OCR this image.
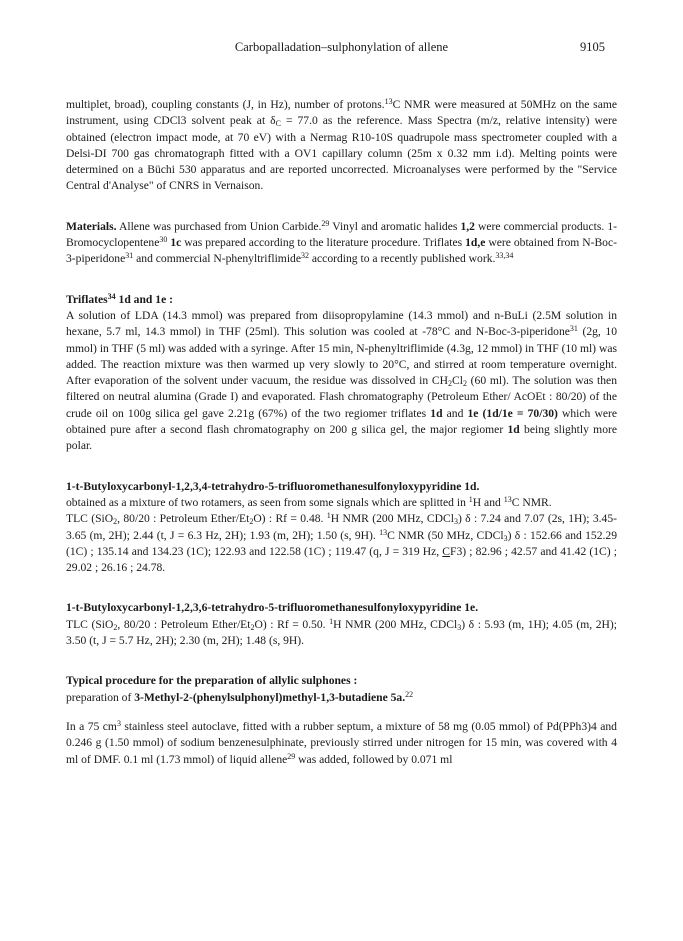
Carbopalladation–sulphonylation of allene	9105

multiplet, broad), coupling constants (J, in Hz), number of protons.$^{13}$C NMR were measured at 50MHz on the same instrument, using CDCl3 solvent peak at $\delta_C = 77.0$ as the reference. Mass Spectra (m/z, relative intensity) were obtained (electron impact mode, at 70 eV) with a Nermag R10-10S quadrupole mass spectrometer coupled with a Delsi-DI 700 gas chromatograph fitted with a OV1 capillary column (25m x 0.32 mm i.d). Melting points were determined on a Büchi 530 apparatus and are reported uncorrected. Microanalyses were performed by the "Service Central d'Analyse" of CNRS in Vernaison.

Materials. Allene was purchased from Union Carbide.$^{29}$ Vinyl and aromatic halides 1,2 were commercial products. 1-Bromocyclopentene$^{30}$ 1c was prepared according to the literature procedure. Triflates 1d,e were obtained from N-Boc-3-piperidone$^{31}$ and commercial N-phenyltriflimide$^{32}$ according to a recently published work.$^{33,34}$

Triflates$^{34}$ 1d and 1e :

A solution of LDA (14.3 mmol) was prepared from diisopropylamine (14.3 mmol) and n-BuLi (2.5M solution in hexane, 5.7 ml, 14.3 mmol) in THF (25ml). This solution was cooled at -78°C and N-Boc-3-piperidone$^{31}$ (2g, 10 mmol) in THF (5 ml) was added with a syringe. After 15 min, N-phenyltriflimide (4.3g, 12 mmol) in THF (10 ml) was added. The reaction mixture was then warmed up very slowly to 20°C, and stirred at room temperature overnight. After evaporation of the solvent under vacuum, the residue was dissolved in $CH_2Cl_2$ (60 ml). The solution was then filtered on neutral alumina (Grade I) and evaporated. Flash chromatography (Petroleum Ether/ AcOEt : 80/20) of the crude oil on 100g silica gel gave 2.21g (67%) of the two regiomer triflates 1d and 1e (1d/1e = 70/30) which were obtained pure after a second flash chromatography on 200 g silica gel, the major regiomer 1d being slightly more polar.

1-t-Butyloxycarbonyl-1,2,3,4-tetrahydro-5-trifluoromethanesulfonyloxypyridine 1d.

obtained as a mixture of two rotamers, as seen from some signals which are splitted in $^1$H and $^{13}$C NMR.
TLC (SiO$_2$, 80/20 : Petroleum Ether/$Et_2O$) : Rf = 0.48. $^1$H NMR (200 MHz, CDCl$_3$) δ : 7.24 and 7.07 (2s, 1H); 3.45-3.65 (m, 2H); 2.44 (t, J = 6.3 Hz, 2H); 1.93 (m, 2H); 1.50 (s, 9H). $^{13}$C NMR (50 MHz, CDCl$_3$) δ : 152.66 and 152.29 (1C) ; 135.14 and 134.23 (1C); 122.93 and 122.58 (1C) ; 119.47 (q, J = 319 Hz, CF3) ; 82.96 ; 42.57 and 41.42 (1C) ; 29.02 ; 26.16 ; 24.78.

1-t-Butyloxycarbonyl-1,2,3,6-tetrahydro-5-trifluoromethanesulfonyloxypyridine 1e.

TLC (SiO$_2$, 80/20 : Petroleum Ether/$Et_2O$) : Rf = 0.50. $^1$H NMR (200 MHz, CDCl$_3$) δ : 5.93 (m, 1H); 4.05 (m, 2H); 3.50 (t, J = 5.7 Hz, 2H); 2.30 (m, 2H); 1.48 (s, 9H).

Typical procedure for the preparation of allylic sulphones :

preparation of 3-Methyl-2-(phenylsulphonyl)methyl-1,3-butadiene 5a.$^{22}$

In a 75 $cm^3$ stainless steel autoclave, fitted with a rubber septum, a mixture of 58 mg (0.05 mmol) of Pd(PPh3)4 and 0.246 g (1.50 mmol) of sodium benzenesulphinate, previously stirred under nitrogen for 15 min, was covered with 4 ml of DMF. 0.1 ml (1.73 mmol) of liquid allene$^{29}$ was added, followed by 0.071 ml
